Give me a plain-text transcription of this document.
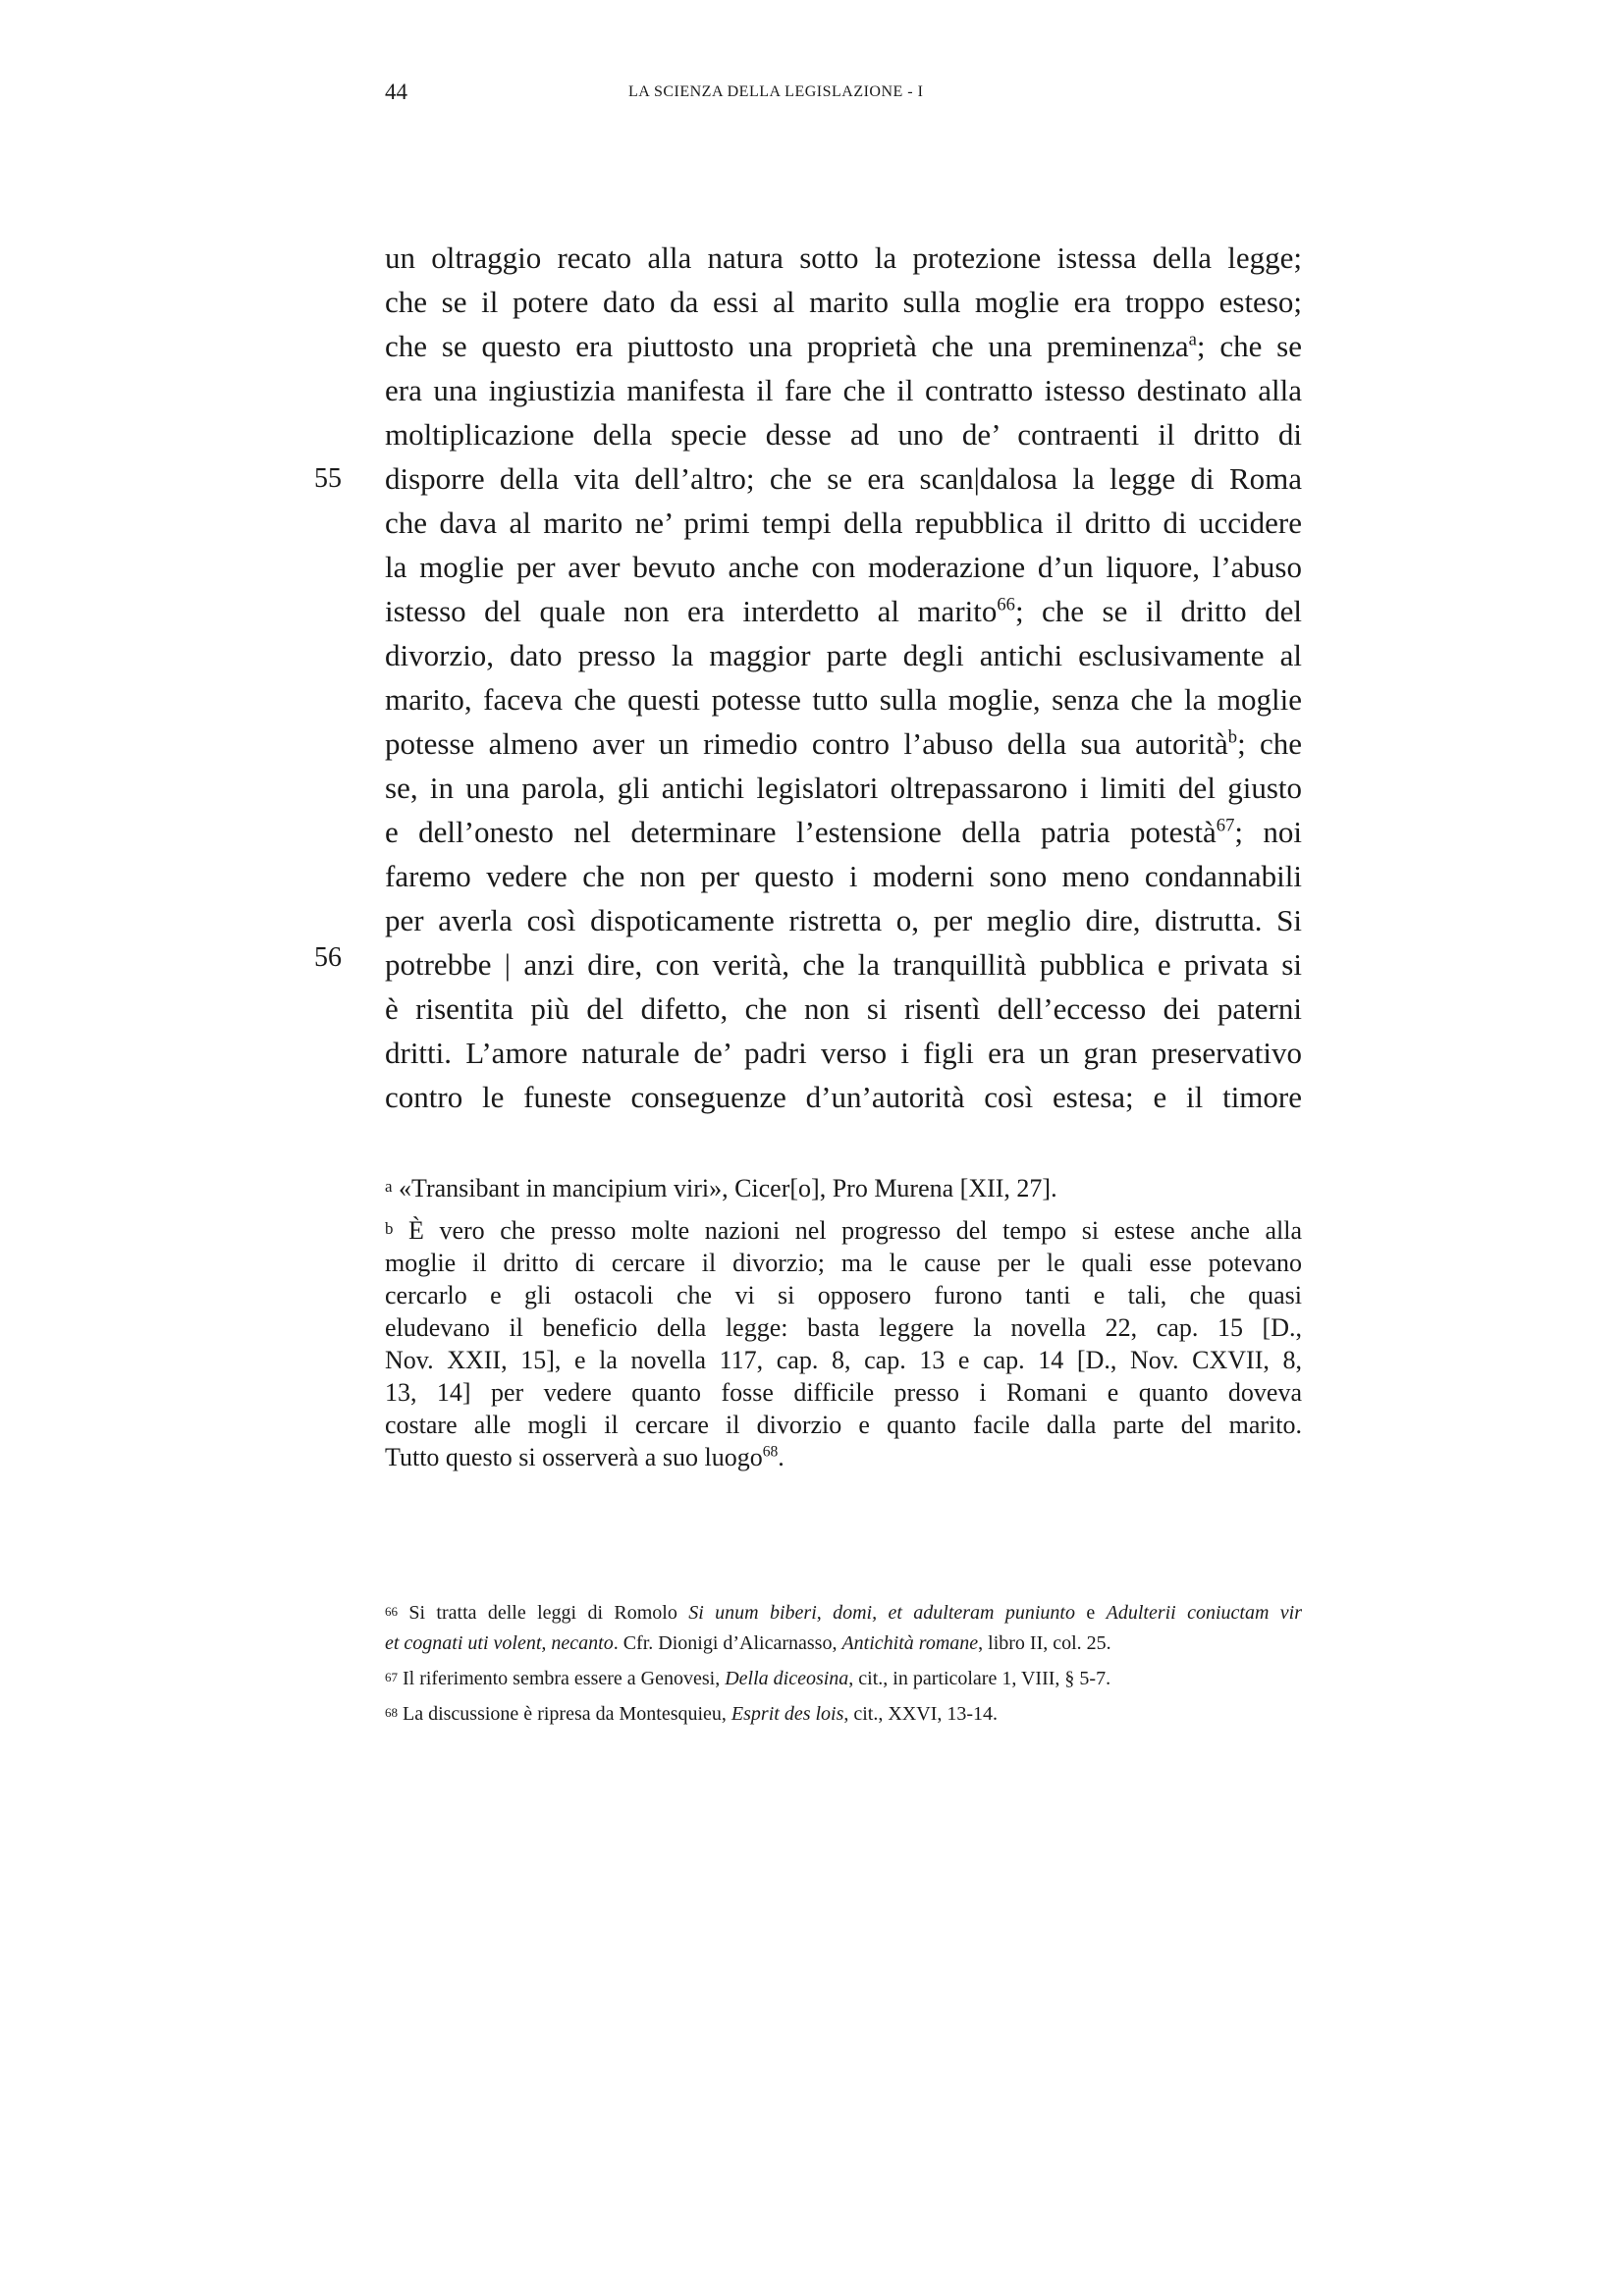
44	LA SCIENZA DELLA LEGISLAZIONE - I
55
56
un oltraggio recato alla natura sotto la protezione istessa della legge;
che se il potere dato da essi al marito sulla moglie era troppo esteso;
che se questo era piuttosto una proprietà che una preminenza$^a$; che se
era una ingiustizia manifesta il fare che il contratto istesso destinato alla
moltiplicazione della specie desse ad uno de’ contraenti il dritto di
disporre della vita dell’altro; che se era scan|dalosa la legge di Roma
che dava al marito ne’ primi tempi della repubblica il dritto di uccidere
la moglie per aver bevuto anche con moderazione d’un liquore, l’abuso
istesso del quale non era interdetto al marito$^{66}$; che se il dritto del
divorzio, dato presso la maggior parte degli antichi esclusivamente al
marito, faceva che questi potesse tutto sulla moglie, senza che la moglie
potesse almeno aver un rimedio contro l’abuso della sua autorità$^b$; che
se, in una parola, gli antichi legislatori oltrepassarono i limiti del giusto
e dell’onesto nel determinare l’estensione della patria potestà$^{67}$; noi
faremo vedere che non per questo i moderni sono meno condannabili
per averla così dispoticamente ristretta o, per meglio dire, distrutta. Si
potrebbe | anzi dire, con verità, che la tranquillità pubblica e privata si
è risentita più del difetto, che non si risentì dell’eccesso dei paterni
dritti. L’amore naturale de’ padri verso i figli era un gran preservativo
contro le funeste conseguenze d’un’autorità così estesa; e il timore
$^a$ «Transibant in mancipium viri», Cicer[o], Pro Murena [XII, 27].
$^b$ È vero che presso molte nazioni nel progresso del tempo si estese anche alla
moglie il dritto di cercare il divorzio; ma le cause per le quali esse potevano
cercarlo e gli ostacoli che vi si opposero furono tanti e tali, che quasi
eludevano il beneficio della legge: basta leggere la novella 22, cap. 15 [D.,
Nov. XXII, 15], e la novella 117, cap. 8, cap. 13 e cap. 14 [D., Nov. CXVII, 8,
13, 14] per vedere quanto fosse difficile presso i Romani e quanto doveva
costare alle mogli il cercare il divorzio e quanto facile dalla parte del marito.
Tutto questo si osserverà a suo luogo$^{68}$.
$^{66}$ Si tratta delle leggi di Romolo Si unum biberi, domi, et adulteram puniunto e Adulterii coniuctam vir
et cognati uti volent, necanto. Cfr. Dionigi d’Alicarnasso, Antichità romane, libro II, col. 25.
$^{67}$ Il riferimento sembra essere a Genovesi, Della diceosina, cit., in particolare 1, VIII, § 5-7.
$^{68}$ La discussione è ripresa da Montesquieu, Esprit des lois, cit., XXVI, 13-14.
